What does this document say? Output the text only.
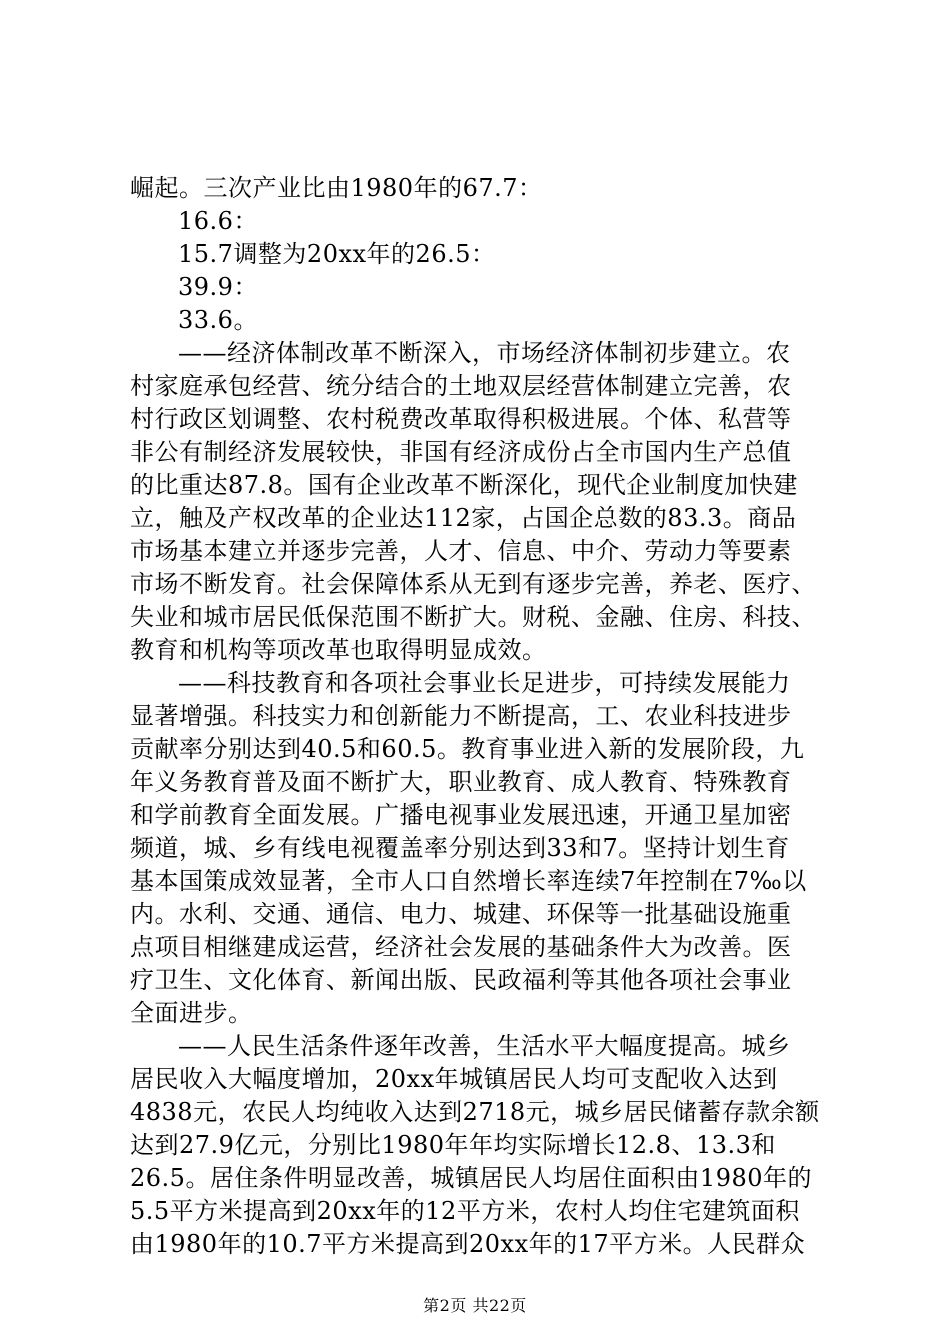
崛起。三次产业比由1980年的67.7：
16.6：
15.7调整为20xx年的26.5：
39.9：
33.6。
——经济体制改革不断深入，市场经济体制初步建立。农
村家庭承包经营、统分结合的土地双层经营体制建立完善，农
村行政区划调整、农村税费改革取得积极进展。个体、私营等
非公有制经济发展较快，非国有经济成份占全市国内生产总值
的比重达87.8。国有企业改革不断深化，现代企业制度加快建
立，触及产权改革的企业达112家，占国企总数的83.3。商品
市场基本建立并逐步完善，人才、信息、中介、劳动力等要素
市场不断发育。社会保障体系从无到有逐步完善，养老、医疗、
失业和城市居民低保范围不断扩大。财税、金融、住房、科技、
教育和机构等项改革也取得明显成效。
——科技教育和各项社会事业长足进步，可持续发展能力
显著增强。科技实力和创新能力不断提高，工、农业科技进步
贡献率分别达到40.5和60.5。教育事业进入新的发展阶段，九
年义务教育普及面不断扩大，职业教育、成人教育、特殊教育
和学前教育全面发展。广播电视事业发展迅速，开通卫星加密
频道，城、乡有线电视覆盖率分别达到33和7。坚持计划生育
基本国策成效显著，全市人口自然增长率连续7年控制在7‰以
内。水利、交通、通信、电力、城建、环保等一批基础设施重
点项目相继建成运营，经济社会发展的基础条件大为改善。医
疗卫生、文化体育、新闻出版、民政福利等其他各项社会事业
全面进步。
——人民生活条件逐年改善，生活水平大幅度提高。城乡
居民收入大幅度增加，20xx年城镇居民人均可支配收入达到
4838元，农民人均纯收入达到2718元，城乡居民储蓄存款余额
达到27.9亿元，分别比1980年年均实际增长12.8、13.3和
26.5。居住条件明显改善，城镇居民人均居住面积由1980年的
5.5平方米提高到20xx年的12平方米，农村人均住宅建筑面积
由1980年的10.7平方米提高到20xx年的17平方米。人民群众
第2页 共22页
